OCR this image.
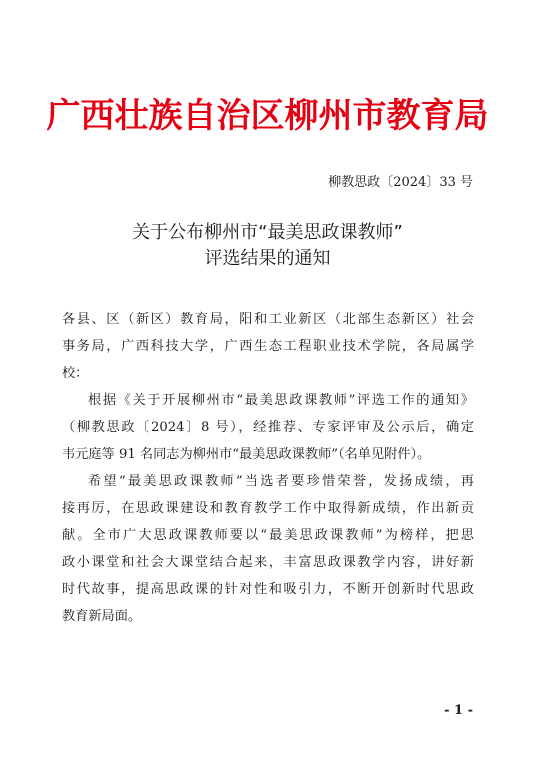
广西壮族自治区柳州市教育局
柳教思政〔2024〕33 号
关于公布柳州市“最美思政课教师”
评选结果的通知
各县、区（新区）教育局，阳和工业新区（北部生态新区）社会
事务局，广西科技大学，广西生态工程职业技术学院，各局属学
校：
根据《关于开展柳州市“最美思政课教师”评选工作的通知》
（柳教思政〔2024〕8 号），经推荐、专家评审及公示后，确定
韦元庭等 91 名同志为柳州市“最美思政课教师”（名单见附件）。
希望“最美思政课教师”当选者要珍惜荣誉，发扬成绩，再
接再厉，在思政课建设和教育教学工作中取得新成绩，作出新贡
献。全市广大思政课教师要以“最美思政课教师”为榜样，把思
政小课堂和社会大课堂结合起来，丰富思政课教学内容，讲好新
时代故事，提高思政课的针对性和吸引力，不断开创新时代思政
教育新局面。
- 1 -
